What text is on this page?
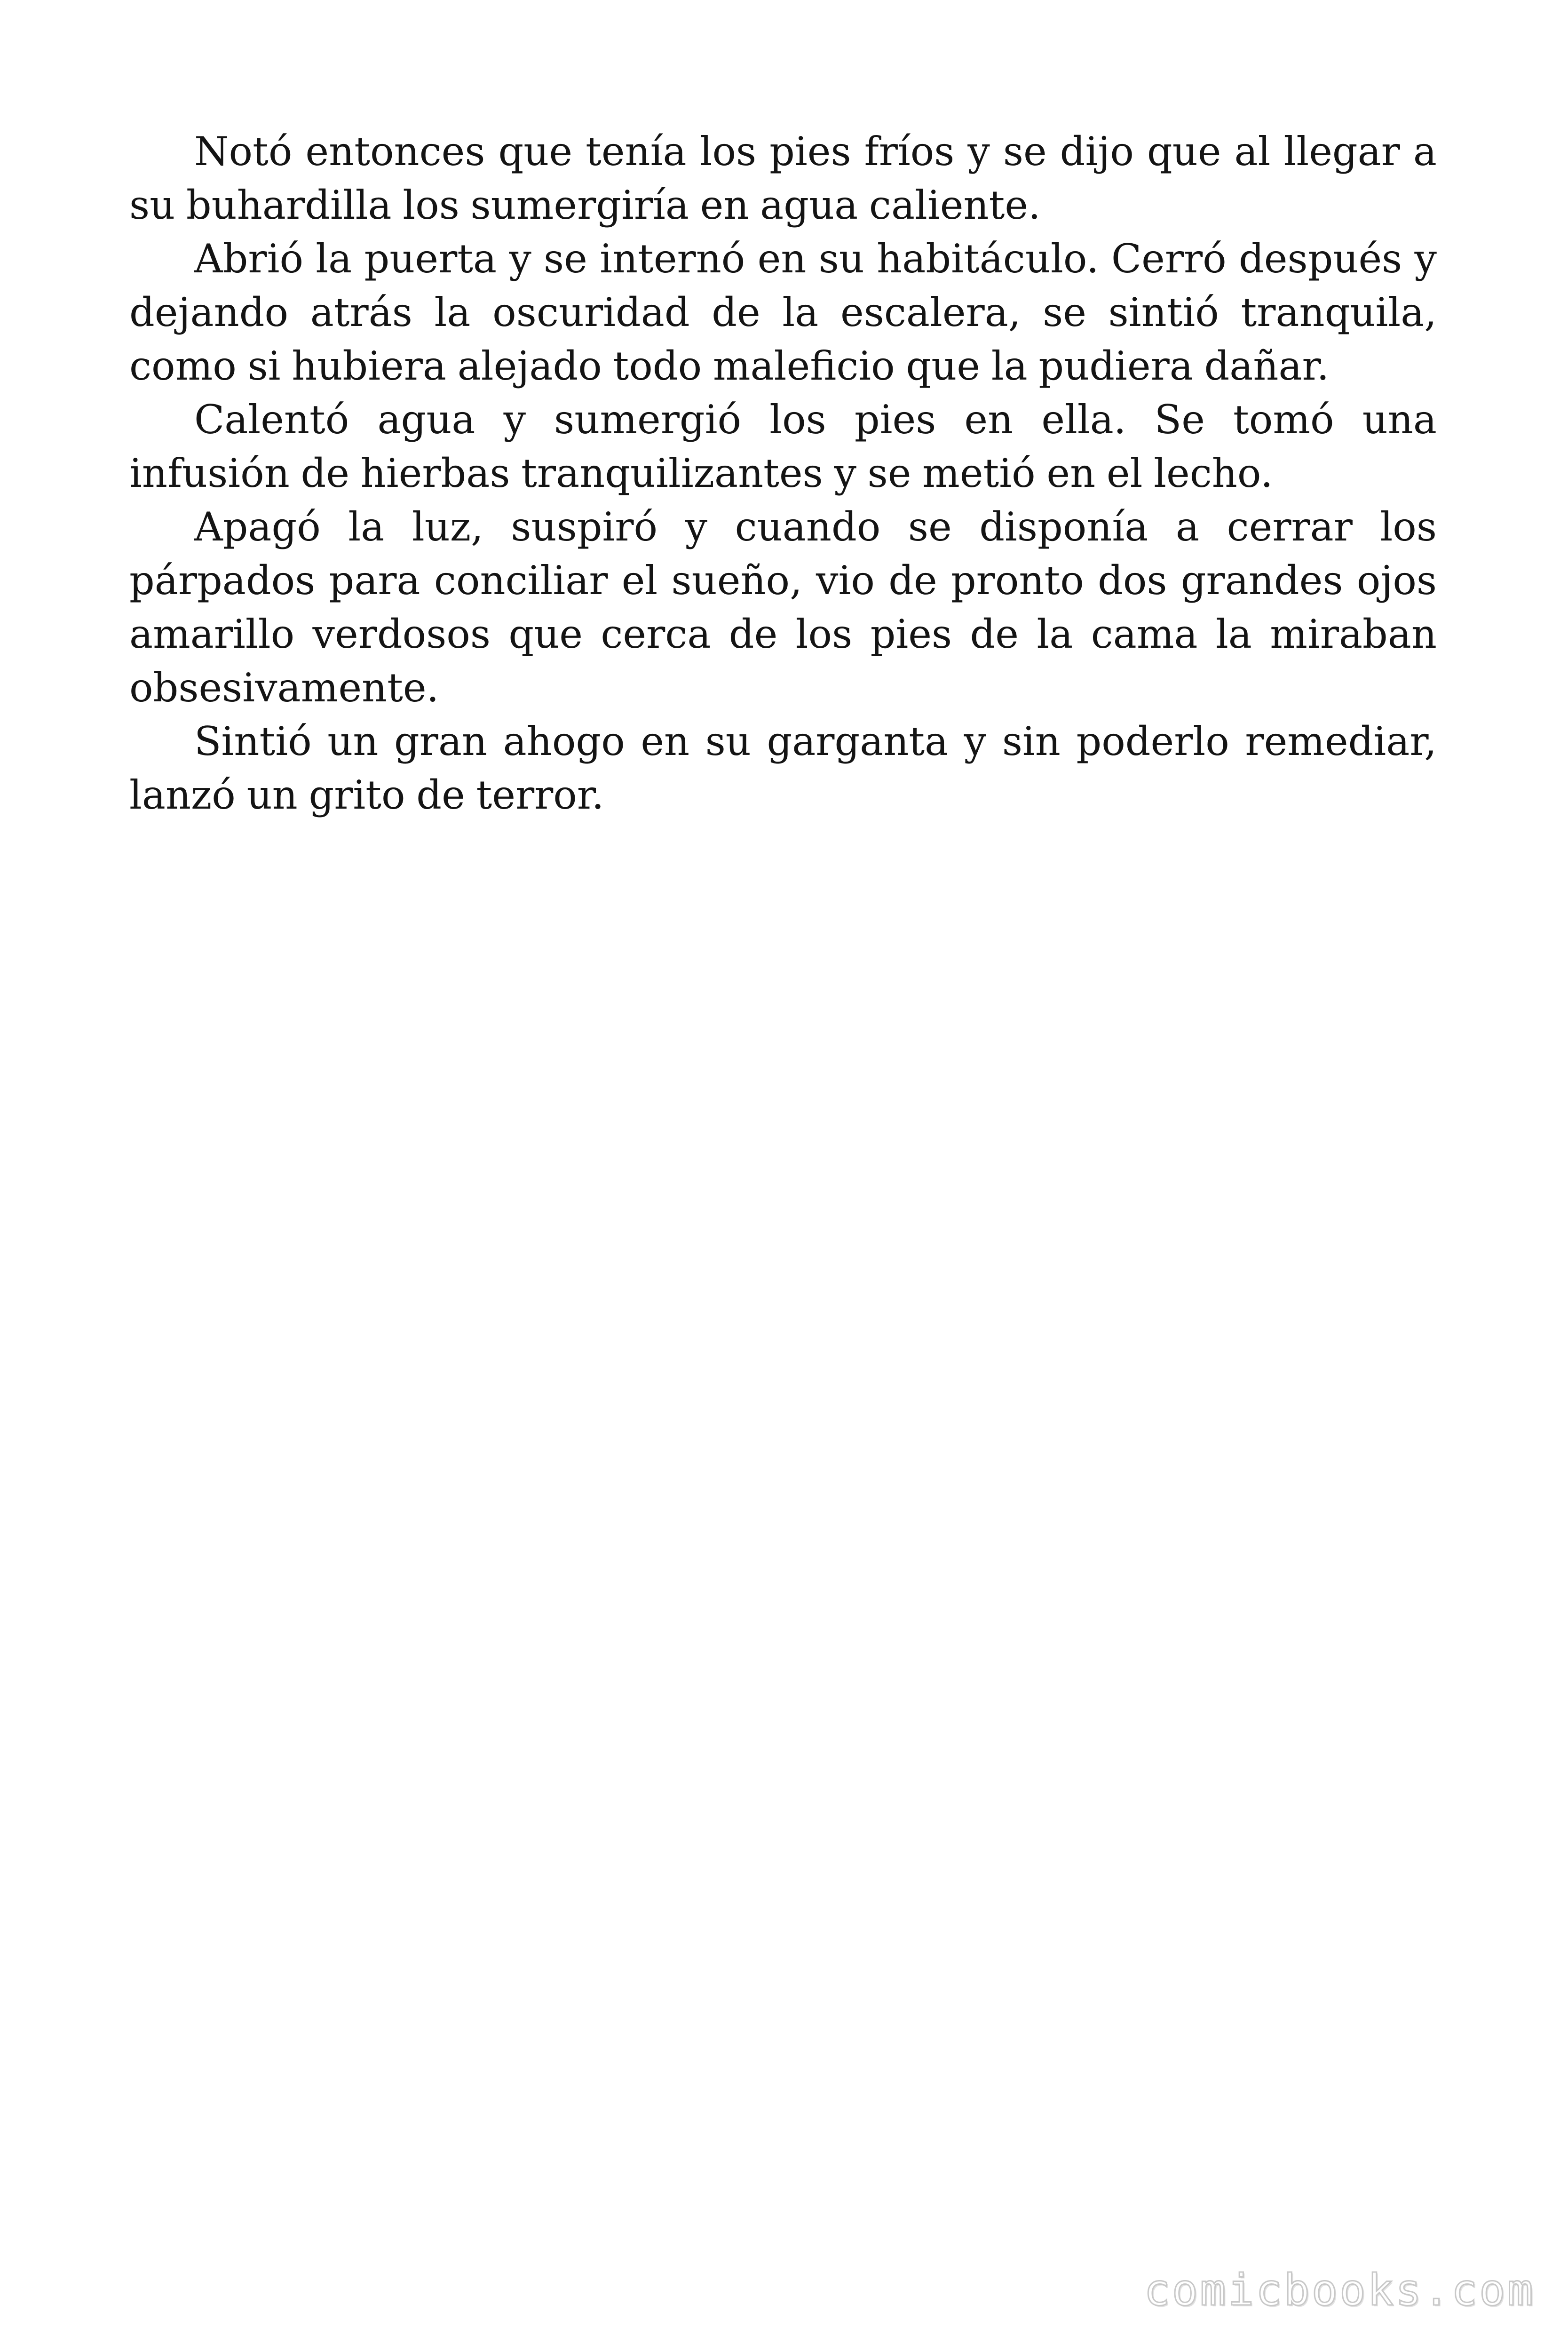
Notó entonces que tenía los pies fríos y se dijo que al llegar a su buhardilla los sumergiría en agua caliente.

Abrió la puerta y se internó en su habitáculo. Cerró después y dejando atrás la oscuridad de la escalera, se sintió tranquila, como si hubiera alejado todo maleficio que la pudiera dañar.

Calentó agua y sumergió los pies en ella. Se tomó una infusión de hierbas tranquilizantes y se metió en el lecho.

Apagó la luz, suspiró y cuando se disponía a cerrar los párpados para conciliar el sueño, vio de pronto dos grandes ojos amarillo verdosos que cerca de los pies de la cama la miraban obsesivamente.

Sintió un gran ahogo en su garganta y sin poderlo remediar, lanzó un grito de terror.

comicbooks.com
